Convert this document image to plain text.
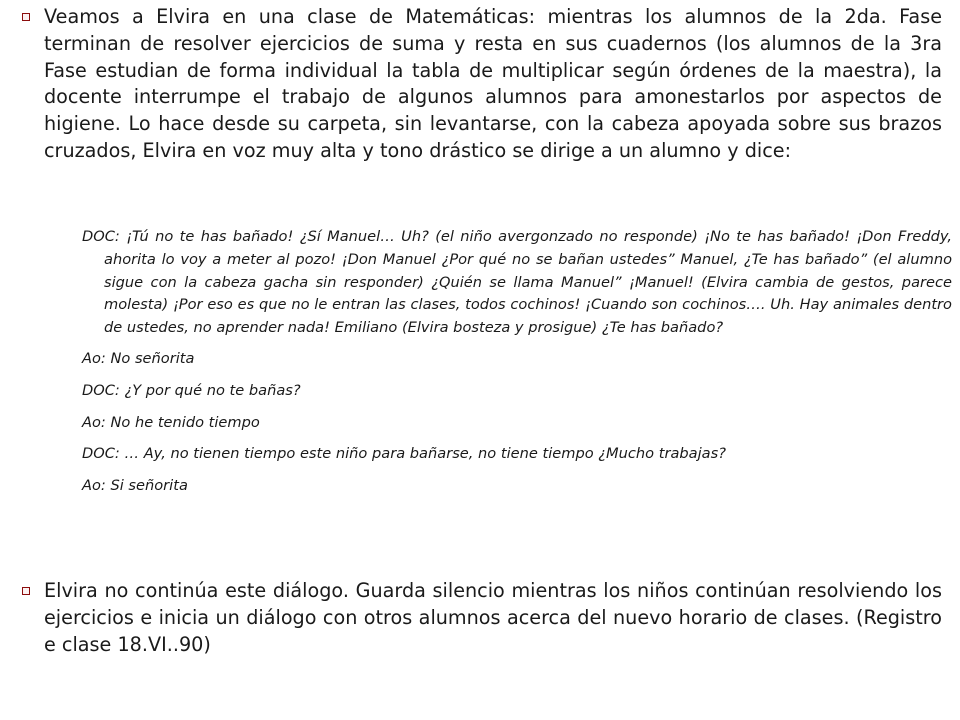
Veamos a Elvira en una clase de Matemáticas: mientras los alumnos de la 2da. Fase terminan de resolver ejercicios de suma y resta en sus cuadernos (los alumnos de la 3ra Fase estudian de forma individual la tabla de multiplicar según órdenes de la maestra), la docente interrumpe el trabajo de algunos alumnos para amonestarlos por aspectos de higiene. Lo hace desde su carpeta, sin levantarse, con la cabeza apoyada sobre sus brazos cruzados, Elvira en voz muy alta y tono drástico se dirige a un alumno y dice:

DOC: ¡Tú no te has bañado! ¿Sí Manuel… Uh? (el niño avergonzado no responde) ¡No te has bañado! ¡Don Freddy, ahorita lo voy a meter al pozo! ¡Don Manuel ¿Por qué no se bañan ustedes” Manuel, ¿Te has bañado” (el alumno sigue con la cabeza gacha sin responder) ¿Quién se llama Manuel” ¡Manuel! (Elvira cambia de gestos, parece molesta) ¡Por eso es que no le entran las clases, todos cochinos! ¡Cuando son cochinos…. Uh. Hay animales dentro de ustedes, no aprender nada! Emiliano (Elvira bosteza y prosigue) ¿Te has bañado?

Ao: No señorita

DOC: ¿Y por qué no te bañas?

Ao: No he tenido tiempo

DOC: … Ay, no tienen tiempo este niño para bañarse, no tiene tiempo ¿Mucho trabajas?

Ao: Si señorita

Elvira no continúa este diálogo. Guarda silencio mientras los niños continúan resolviendo los ejercicios e inicia un diálogo con otros alumnos acerca del nuevo horario de clases. (Registro e clase 18.VI..90)
